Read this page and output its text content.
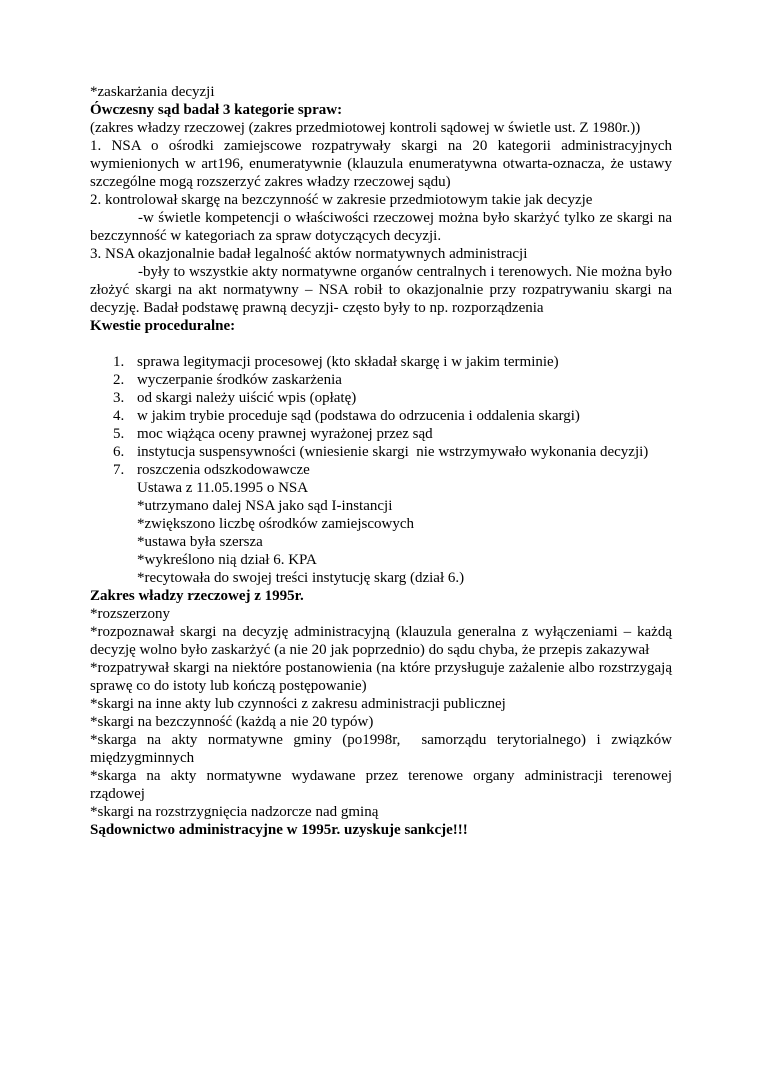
*zaskarżania decyzji

Ówczesny sąd badał 3 kategorie spraw:

(zakres władzy rzeczowej (zakres przedmiotowej kontroli sądowej w świetle ust. Z 1980r.))

1. NSA o ośrodki zamiejscowe rozpatrywały skargi na 20 kategorii administracyjnych wymienionych w art196, enumeratywnie (klauzula enumeratywna otwarta-oznacza, że ustawy szczególne mogą rozszerzyć zakres władzy rzeczowej sądu)

2. kontrolował skargę na bezczynność w zakresie przedmiotowym takie jak decyzje

-w świetle kompetencji o właściwości rzeczowej można było skarżyć tylko ze skargi na bezczynność w kategoriach za spraw dotyczących decyzji.

3. NSA okazjonalnie badał legalność aktów normatywnych administracji

-były to wszystkie akty normatywne organów centralnych i terenowych. Nie można było złożyć skargi na akt normatywny – NSA robił to okazjonalnie przy rozpatrywaniu skargi na decyzję. Badał podstawę prawną decyzji- często były to np. rozporządzenia

Kwestie proceduralne:

1. sprawa legitymacji procesowej (kto składał skargę i w jakim terminie)
2. wyczerpanie środków zaskarżenia
3. od skargi należy uiścić wpis (opłatę)
4. w jakim trybie proceduje sąd (podstawa do odrzucenia i oddalenia skargi)
5. moc wiążąca oceny prawnej wyrażonej przez sąd
6. instytucja suspensywności (wniesienie skargi  nie wstrzymywało wykonania decyzji)
7. roszczenia odszkodowawcze
Ustawa z 11.05.1995 o NSA
*utrzymano dalej NSA jako sąd I-instancji
*zwiększono liczbę ośrodków zamiejscowych
*ustawa była szersza
*wykreślono nią dział 6. KPA
*recytowała do swojej treści instytucję skarg (dział 6.)

Zakres władzy rzeczowej z 1995r.

*rozszerzony

*rozpoznawał skargi na decyzję administracyjną (klauzula generalna z wyłączeniami – każdą decyzję wolno było zaskarżyć (a nie 20 jak poprzednio) do sądu chyba, że przepis zakazywał

*rozpatrywał skargi na niektóre postanowienia (na które przysługuje zażalenie albo rozstrzygają sprawę co do istoty lub kończą postępowanie)

*skargi na inne akty lub czynności z zakresu administracji publicznej

*skargi na bezczynność (każdą a nie 20 typów)

*skarga na akty normatywne gminy (po1998r,  samorządu terytorialnego) i związków międzygminnych

*skarga na akty normatywne wydawane przez terenowe organy administracji terenowej rządowej

*skargi na rozstrzygnięcia nadzorcze nad gminą

Sądownictwo administracyjne w 1995r. uzyskuje sankcje!!!
